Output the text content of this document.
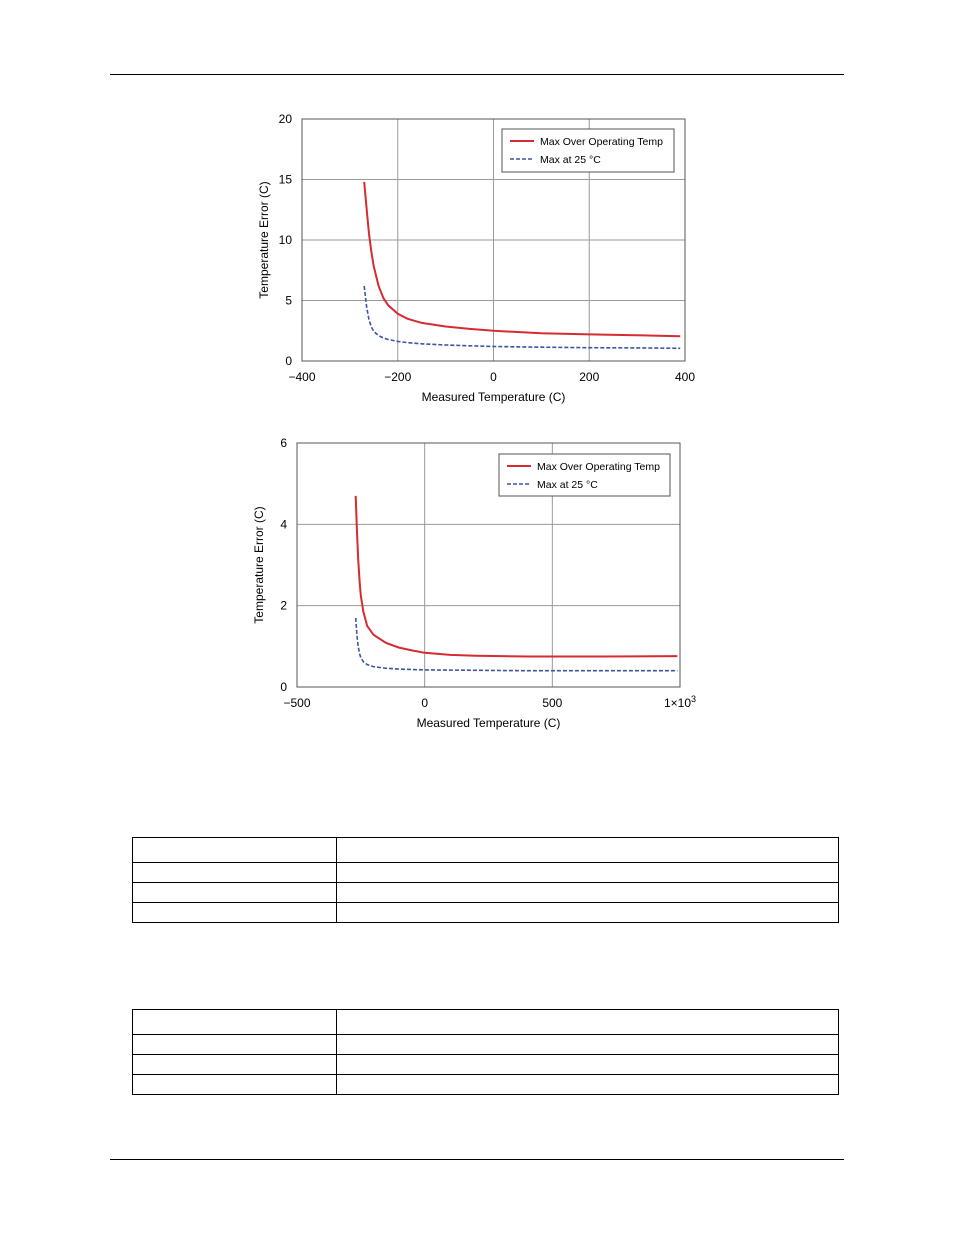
−400	−200	0	200	400
0
5
10
15
20
Measured Temperature (C)
Temperature Error (C)
Max Over Operating Temp
Max at 25 °C
−500	0	500	$1\times 10^3$
0
2
4
6
Measured Temperature (C)
Temperature Error (C)
Max Over Operating Temp
Max at 25 °C
